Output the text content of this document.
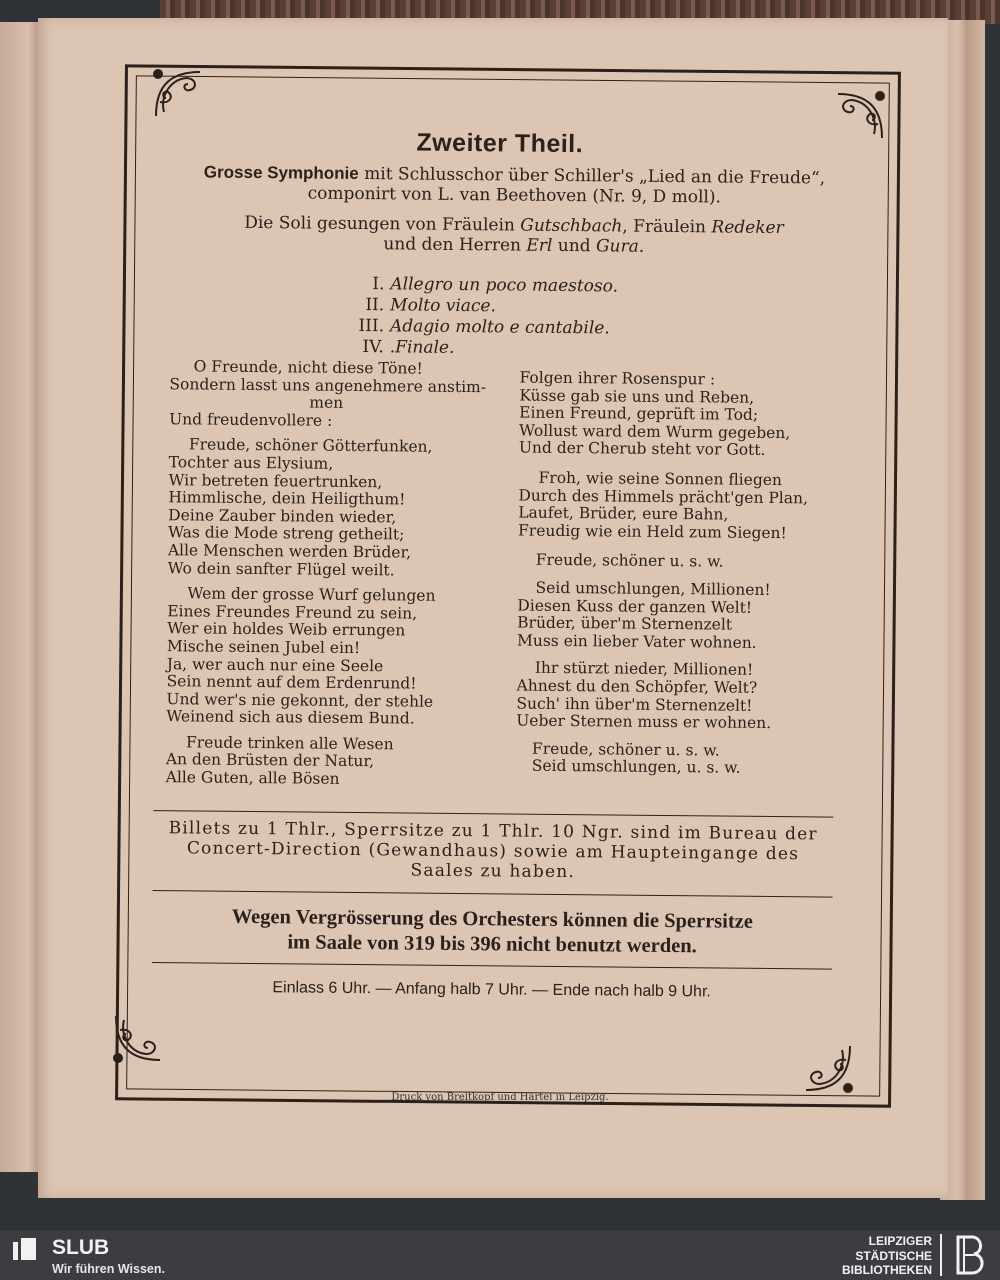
Zweiter Theil.
Grosse Symphonie mit Schlusschor über Schiller's „Lied an die Freude“,
componirt von L. van Beethoven (Nr. 9, D moll).
Die Soli gesungen von Fräulein Gutschbach, Fräulein Redeker
und den Herren Erl und Gura.
I. Allegro un poco maestoso.
II. Molto viace.
III. Adagio molto e cantabile.
IV. .Finale.
O Freunde, nicht diese Töne!
Sondern lasst uns angenehmere anstim-
men
Und freudenvollere :
Freude, schöner Götterfunken,
Tochter aus Elysium,
Wir betreten feuertrunken,
Himmlische, dein Heiligthum!
Deine Zauber binden wieder,
Was die Mode streng getheilt;
Alle Menschen werden Brüder,
Wo dein sanfter Flügel weilt.
Wem der grosse Wurf gelungen
Eines Freundes Freund zu sein,
Wer ein holdes Weib errungen
Mische seinen Jubel ein!
Ja, wer auch nur eine Seele
Sein nennt auf dem Erdenrund!
Und wer's nie gekonnt, der stehle
Weinend sich aus diesem Bund.
Freude trinken alle Wesen
An den Brüsten der Natur,
Alle Guten, alle Bösen
Folgen ihrer Rosenspur :
Küsse gab sie uns und Reben,
Einen Freund, geprüft im Tod;
Wollust ward dem Wurm gegeben,
Und der Cherub steht vor Gott.
Froh, wie seine Sonnen fliegen
Durch des Himmels prächt'gen Plan,
Laufet, Brüder, eure Bahn,
Freudig wie ein Held zum Siegen!
Freude, schöner u. s. w.
Seid umschlungen, Millionen!
Diesen Kuss der ganzen Welt!
Brüder, über'm Sternenzelt
Muss ein lieber Vater wohnen.
Ihr stürzt nieder, Millionen!
Ahnest du den Schöpfer, Welt?
Such' ihn über'm Sternenzelt!
Ueber Sternen muss er wohnen.
Freude, schöner u. s. w.
Seid umschlungen, u. s. w.
Billets zu 1 Thlr., Sperrsitze zu 1 Thlr. 10 Ngr. sind im Bureau der
Concert-Direction (Gewandhaus) sowie am Haupteingange des
Saales zu haben.
Wegen Vergrösserung des Orchesters können die Sperrsitze
im Saale von 319 bis 396 nicht benutzt werden.
Einlass 6 Uhr. — Anfang halb 7 Uhr. — Ende nach halb 9 Uhr.
Druck von Breitkopf und Härtel in Leipzig.
SLUB
Wir führen Wissen.
LEIPZIGER
STÄDTISCHE
BIBLIOTHEKEN
